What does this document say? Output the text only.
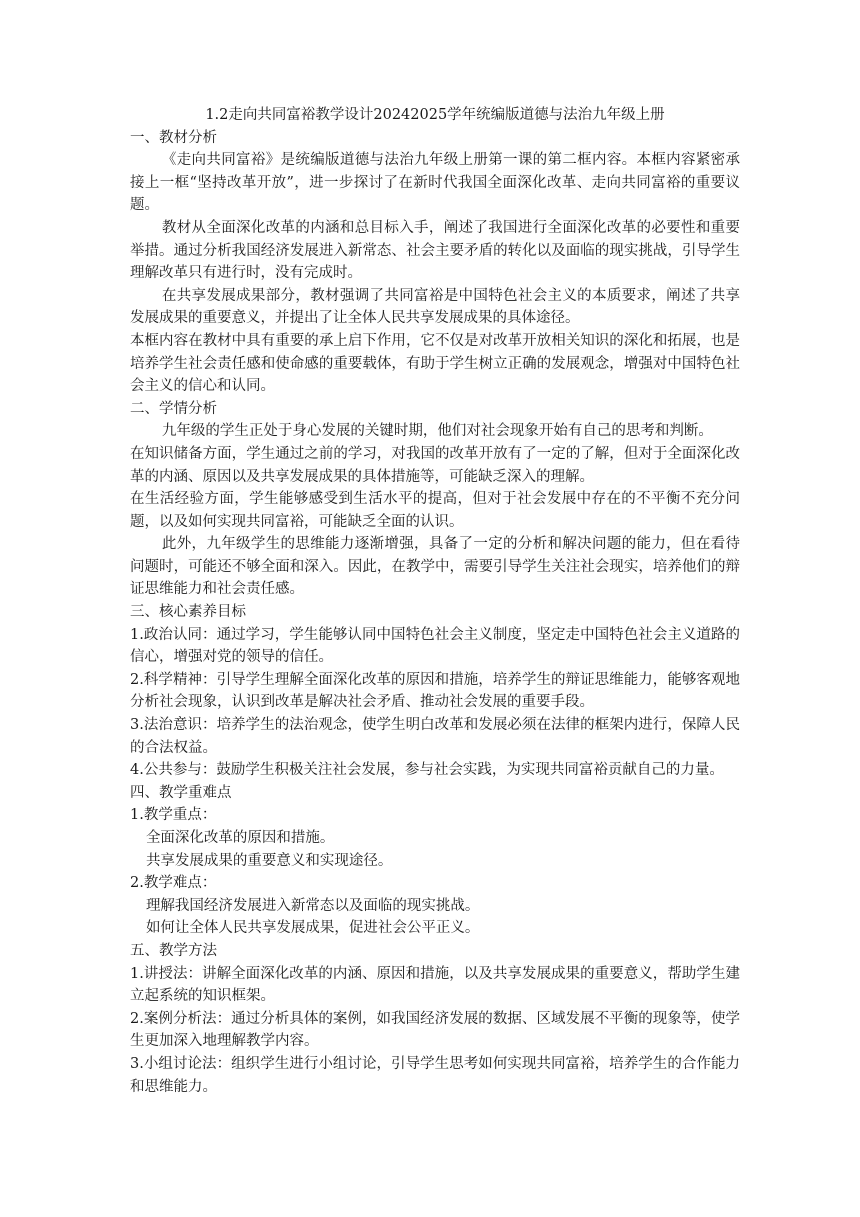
1.2走向共同富裕教学设计20242025学年统编版道德与法治九年级上册

一、教材分析

《走向共同富裕》是统编版道德与法治九年级上册第一课的第二框内容。本框内容紧密承接上一框“坚持改革开放”，进一步探讨了在新时代我国全面深化改革、走向共同富裕的重要议题。

教材从全面深化改革的内涵和总目标入手，阐述了我国进行全面深化改革的必要性和重要举措。通过分析我国经济发展进入新常态、社会主要矛盾的转化以及面临的现实挑战，引导学生理解改革只有进行时，没有完成时。

在共享发展成果部分，教材强调了共同富裕是中国特色社会主义的本质要求，阐述了共享发展成果的重要意义，并提出了让全体人民共享发展成果的具体途径。

本框内容在教材中具有重要的承上启下作用，它不仅是对改革开放相关知识的深化和拓展，也是培养学生社会责任感和使命感的重要载体，有助于学生树立正确的发展观念，增强对中国特色社会主义的信心和认同。

二、学情分析

九年级的学生正处于身心发展的关键时期，他们对社会现象开始有自己的思考和判断。

在知识储备方面，学生通过之前的学习，对我国的改革开放有了一定的了解，但对于全面深化改革的内涵、原因以及共享发展成果的具体措施等，可能缺乏深入的理解。

在生活经验方面，学生能够感受到生活水平的提高，但对于社会发展中存在的不平衡不充分问题，以及如何实现共同富裕，可能缺乏全面的认识。

此外，九年级学生的思维能力逐渐增强，具备了一定的分析和解决问题的能力，但在看待问题时，可能还不够全面和深入。因此，在教学中，需要引导学生关注社会现实，培养他们的辩证思维能力和社会责任感。

三、核心素养目标

1.政治认同：通过学习，学生能够认同中国特色社会主义制度，坚定走中国特色社会主义道路的信心，增强对党的领导的信任。

2.科学精神：引导学生理解全面深化改革的原因和措施，培养学生的辩证思维能力，能够客观地分析社会现象，认识到改革是解决社会矛盾、推动社会发展的重要手段。

3.法治意识：培养学生的法治观念，使学生明白改革和发展必须在法律的框架内进行，保障人民的合法权益。

4.公共参与：鼓励学生积极关注社会发展，参与社会实践，为实现共同富裕贡献自己的力量。

四、教学重难点

1.教学重点：

全面深化改革的原因和措施。

共享发展成果的重要意义和实现途径。

2.教学难点：

理解我国经济发展进入新常态以及面临的现实挑战。

如何让全体人民共享发展成果，促进社会公平正义。

五、教学方法

1.讲授法：讲解全面深化改革的内涵、原因和措施，以及共享发展成果的重要意义，帮助学生建立起系统的知识框架。

2.案例分析法：通过分析具体的案例，如我国经济发展的数据、区域发展不平衡的现象等，使学生更加深入地理解教学内容。

3.小组讨论法：组织学生进行小组讨论，引导学生思考如何实现共同富裕，培养学生的合作能力和思维能力。
